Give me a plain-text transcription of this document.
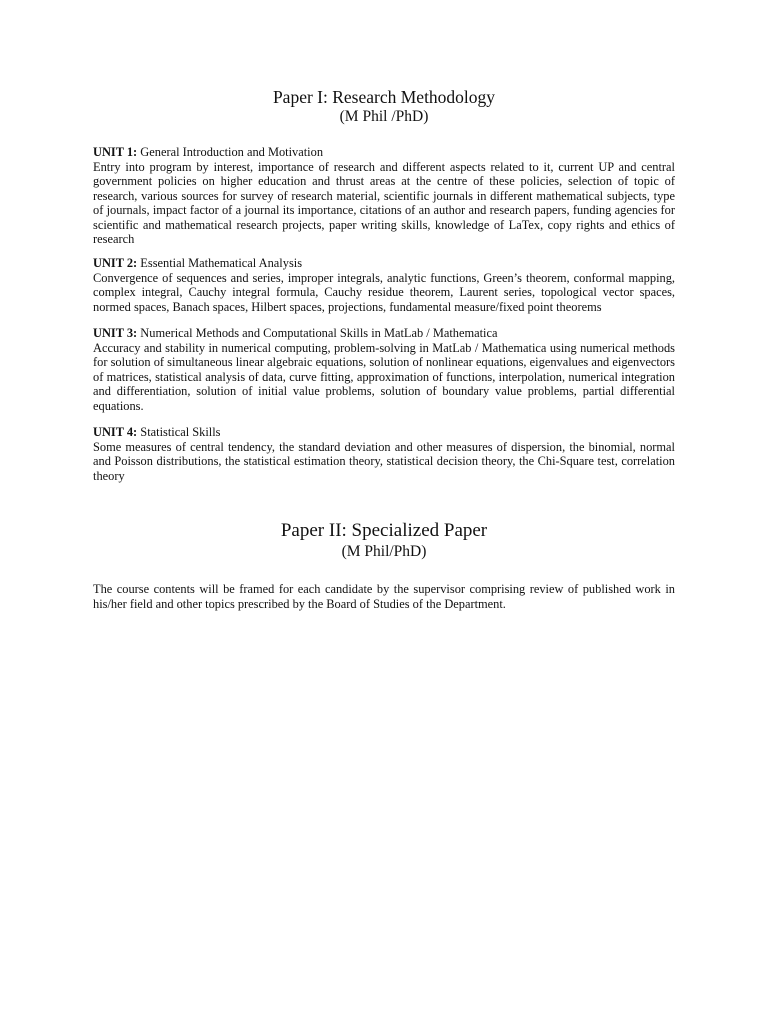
Paper I: Research Methodology
(M Phil /PhD)

UNIT 1: General Introduction and Motivation

Entry into program by interest, importance of research and different aspects related to it, current UP and central government policies on higher education and thrust areas at the centre of these policies, selection of topic of research, various sources for survey of research material, scientific journals in different mathematical subjects, type of journals, impact factor of a journal its importance, citations of an author and research papers, funding agencies for scientific and mathematical research projects, paper writing skills, knowledge of LaTex, copy rights and ethics of research

UNIT 2: Essential Mathematical Analysis

Convergence of sequences and series, improper integrals, analytic functions, Green’s theorem, conformal mapping, complex integral, Cauchy integral formula, Cauchy residue theorem, Laurent series, topological vector spaces, normed spaces, Banach spaces, Hilbert spaces, projections, fundamental measure/fixed point theorems

UNIT 3: Numerical Methods and Computational Skills in MatLab / Mathematica

Accuracy and stability in numerical computing, problem-solving in MatLab / Mathematica using numerical methods for solution of simultaneous linear algebraic equations, solution of nonlinear equations, eigenvalues and eigenvectors of matrices, statistical analysis of data, curve fitting, approximation of functions, interpolation, numerical integration and differentiation, solution of initial value problems, solution of boundary value problems, partial differential equations.

UNIT 4: Statistical Skills

Some measures of central tendency, the standard deviation and other measures of dispersion, the binomial, normal and Poisson distributions, the statistical estimation theory, statistical decision theory, the Chi-Square test, correlation theory

Paper II: Specialized Paper
(M Phil/PhD)

The course contents will be framed for each candidate by the supervisor comprising review of published work in his/her field and other topics prescribed by the Board of Studies of the Department.
